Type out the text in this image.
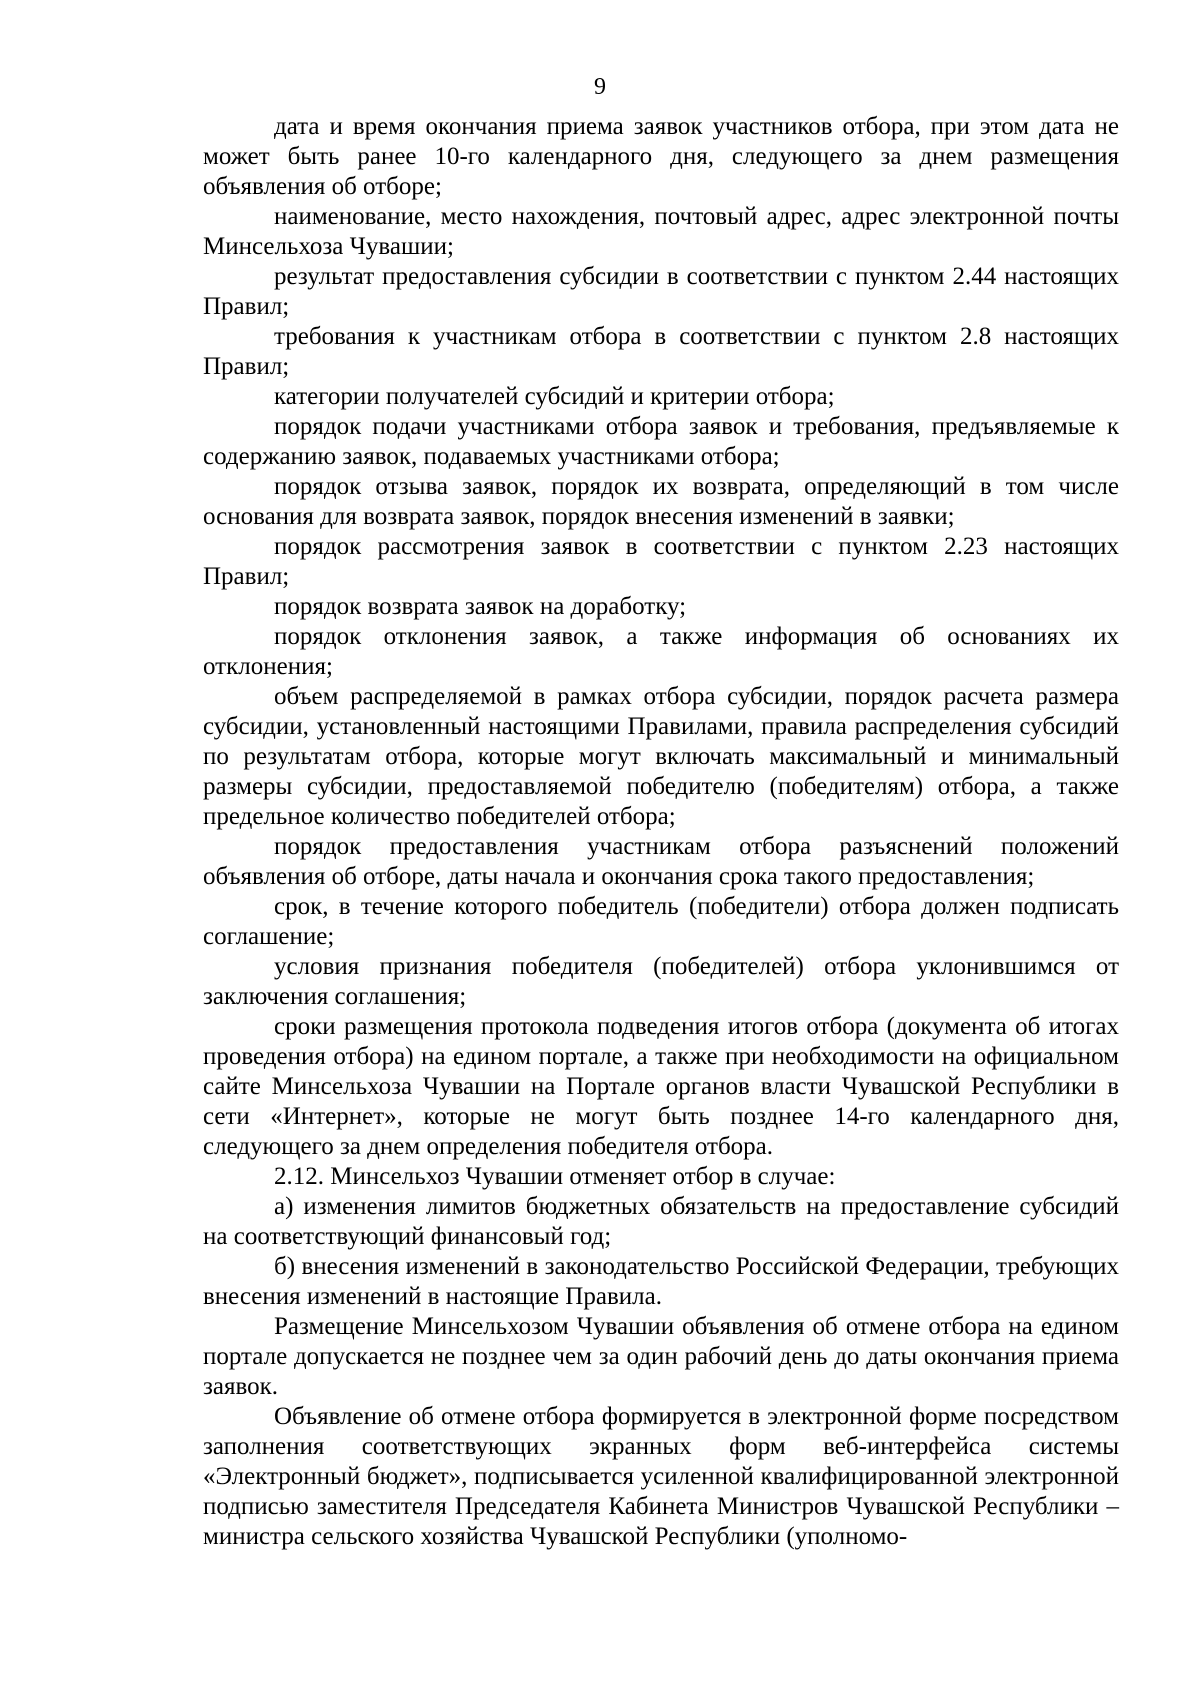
9

дата и время окончания приема заявок участников отбора, при этом дата не может быть ранее 10-го календарного дня, следующего за днем размещения объявления об отборе;

наименование, место нахождения, почтовый адрес, адрес электронной почты Минсельхоза Чувашии;

результат предоставления субсидии в соответствии с пунктом 2.44 настоящих Правил;

требования к участникам отбора в соответствии с пунктом 2.8 настоящих Правил;

категории получателей субсидий и критерии отбора;

порядок подачи участниками отбора заявок и требования, предъявляемые к содержанию заявок, подаваемых участниками отбора;

порядок отзыва заявок, порядок их возврата, определяющий в том числе основания для возврата заявок, порядок внесения изменений в заявки;

порядок рассмотрения заявок в соответствии с пунктом 2.23 настоящих Правил;

порядок возврата заявок на доработку;

порядок отклонения заявок, а также информация об основаниях их отклонения;

объем распределяемой в рамках отбора субсидии, порядок расчета размера субсидии, установленный настоящими Правилами, правила распределения субсидий по результатам отбора, которые могут включать максимальный и минимальный размеры субсидии, предоставляемой победителю (победителям) отбора, а также предельное количество победителей отбора;

порядок предоставления участникам отбора разъяснений положений объявления об отборе, даты начала и окончания срока такого предоставления;

срок, в течение которого победитель (победители) отбора должен подписать соглашение;

условия признания победителя (победителей) отбора уклонившимся от заключения соглашения;

сроки размещения протокола подведения итогов отбора (документа об итогах проведения отбора) на едином портале, а также при необходимости на официальном сайте Минсельхоза Чувашии на Портале органов власти Чувашской Республики в сети «Интернет», которые не могут быть позднее 14-го календарного дня, следующего за днем определения победителя отбора.

2.12. Минсельхоз Чувашии отменяет отбор в случае:

а) изменения лимитов бюджетных обязательств на предоставление субсидий на соответствующий финансовый год;

б) внесения изменений в законодательство Российской Федерации, требующих внесения изменений в настоящие Правила.

Размещение Минсельхозом Чувашии объявления об отмене отбора на едином портале допускается не позднее чем за один рабочий день до даты окончания приема заявок.

Объявление об отмене отбора формируется в электронной форме посредством заполнения соответствующих экранных форм веб-интерфейса системы «Электронный бюджет», подписывается усиленной квалифицированной электронной подписью заместителя Председателя Кабинета Министров Чувашской Республики – министра сельского хозяйства Чувашской Республики (уполномо-
